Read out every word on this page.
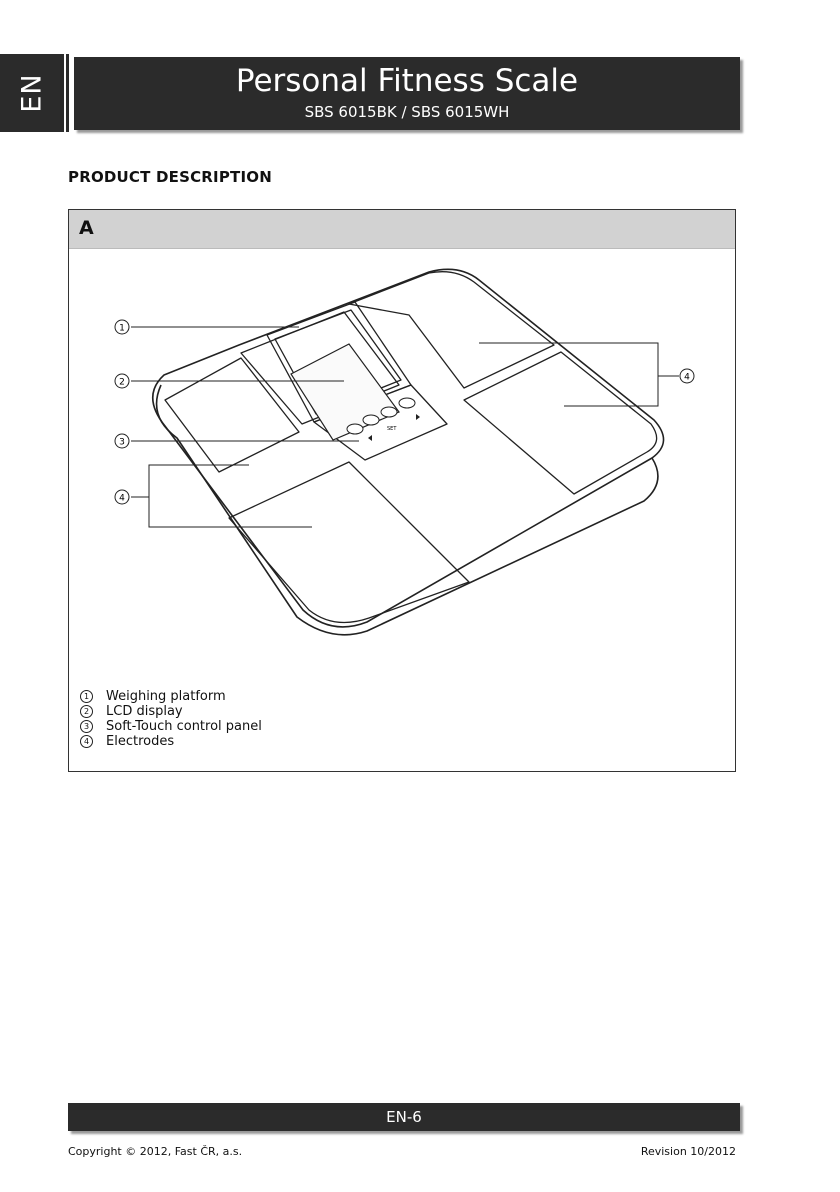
EN	Personal Fitness Scale
SBS 6015BK / SBS 6015WH
PRODUCT DESCRIPTION
A
SET
1
2
3
4
4
1 Weighing platform
2 LCD display
3 Soft-Touch control panel
4 Electrodes
EN-6
Copyright © 2012, Fast ČR, a.s.	Revision 10/2012
